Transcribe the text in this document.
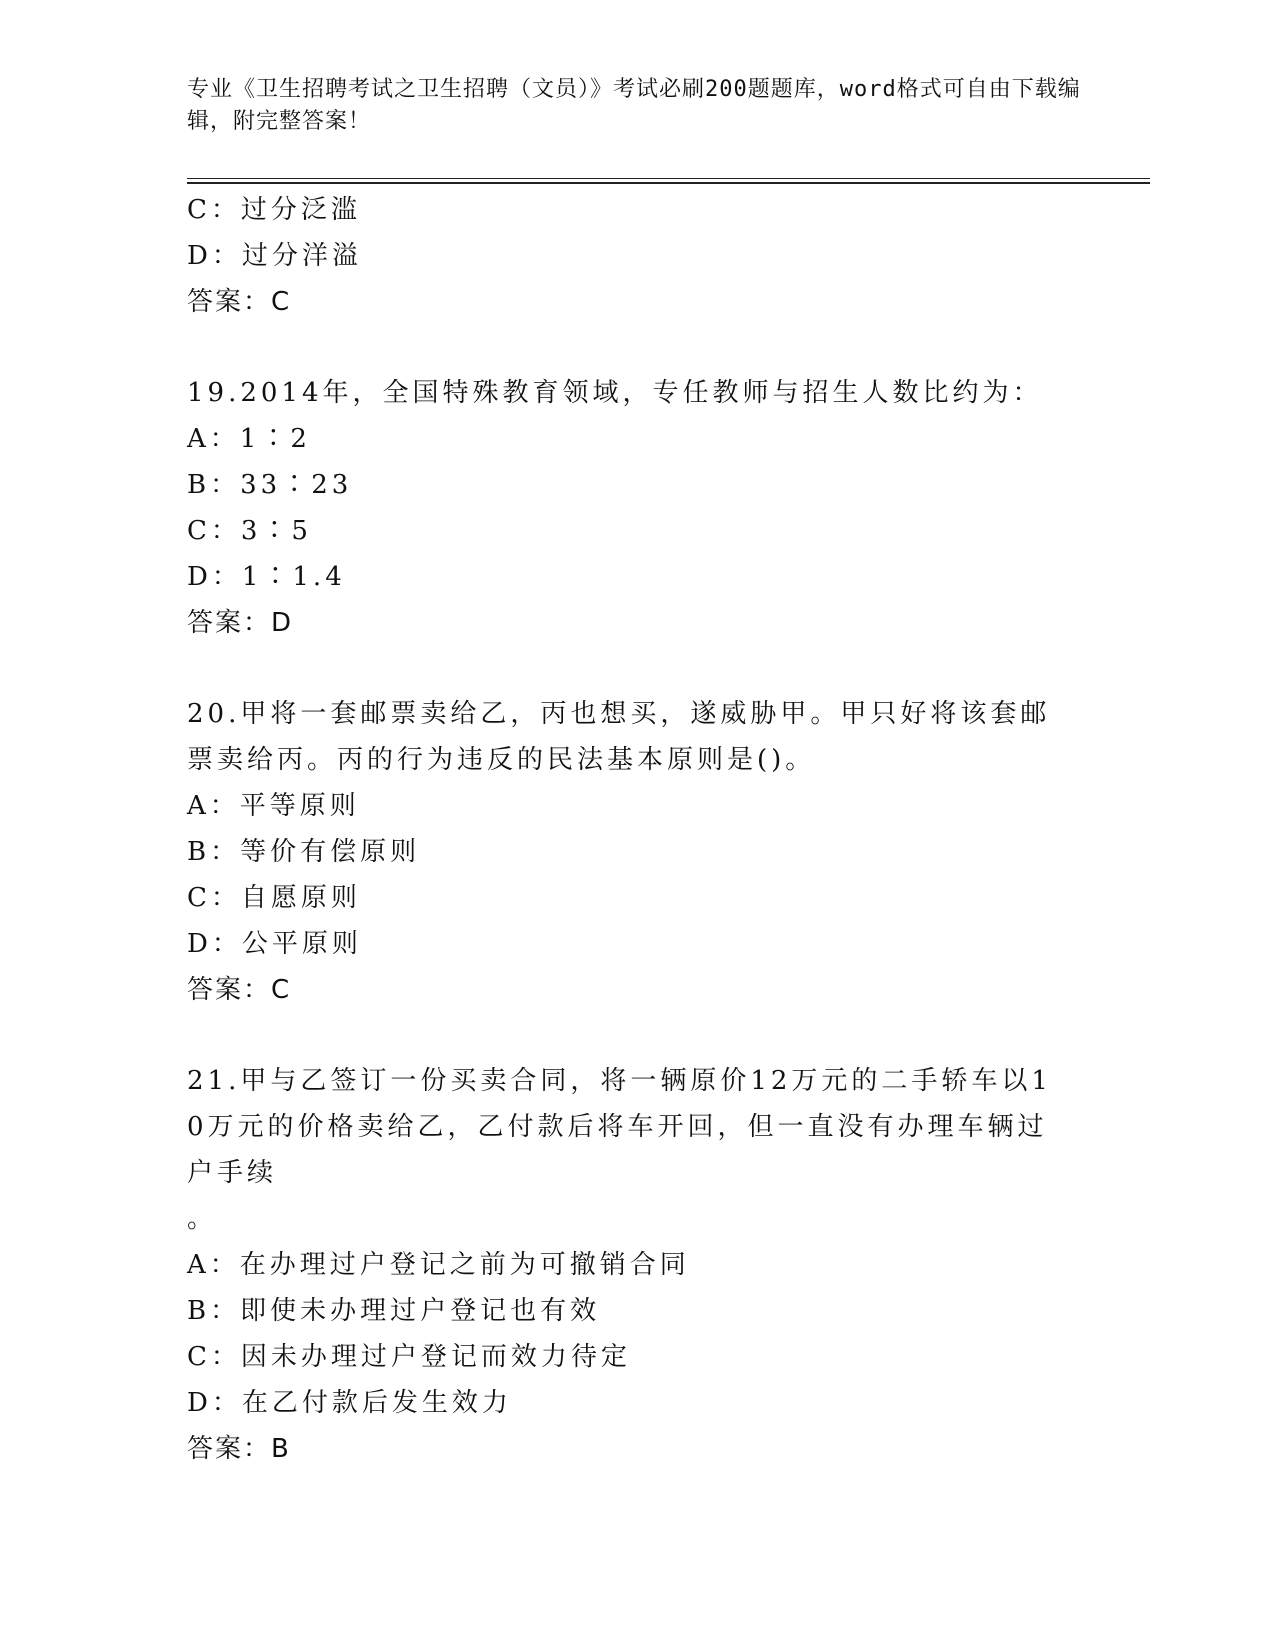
专业《卫生招聘考试之卫生招聘（文员）》考试必刷200题题库，word格式可自由下载编辑，附完整答案！
C：过分泛滥
D：过分洋溢
答案：C
19.2014年，全国特殊教育领域，专任教师与招生人数比约为：
A：1∶2
B：33∶23
C：3∶5
D：1∶1.4
答案：D
20.甲将一套邮票卖给乙，丙也想买，遂威胁甲。甲只好将该套邮票卖给丙。丙的行为违反的民法基本原则是()。
A：平等原则
B：等价有偿原则
C：自愿原则
D：公平原则
答案：C
21.甲与乙签订一份买卖合同，将一辆原价12万元的二手轿车以10万元的价格卖给乙，乙付款后将车开回，但一直没有办理车辆过户手续
。
A：在办理过户登记之前为可撤销合同
B：即使未办理过户登记也有效
C：因未办理过户登记而效力待定
D：在乙付款后发生效力
答案：B
